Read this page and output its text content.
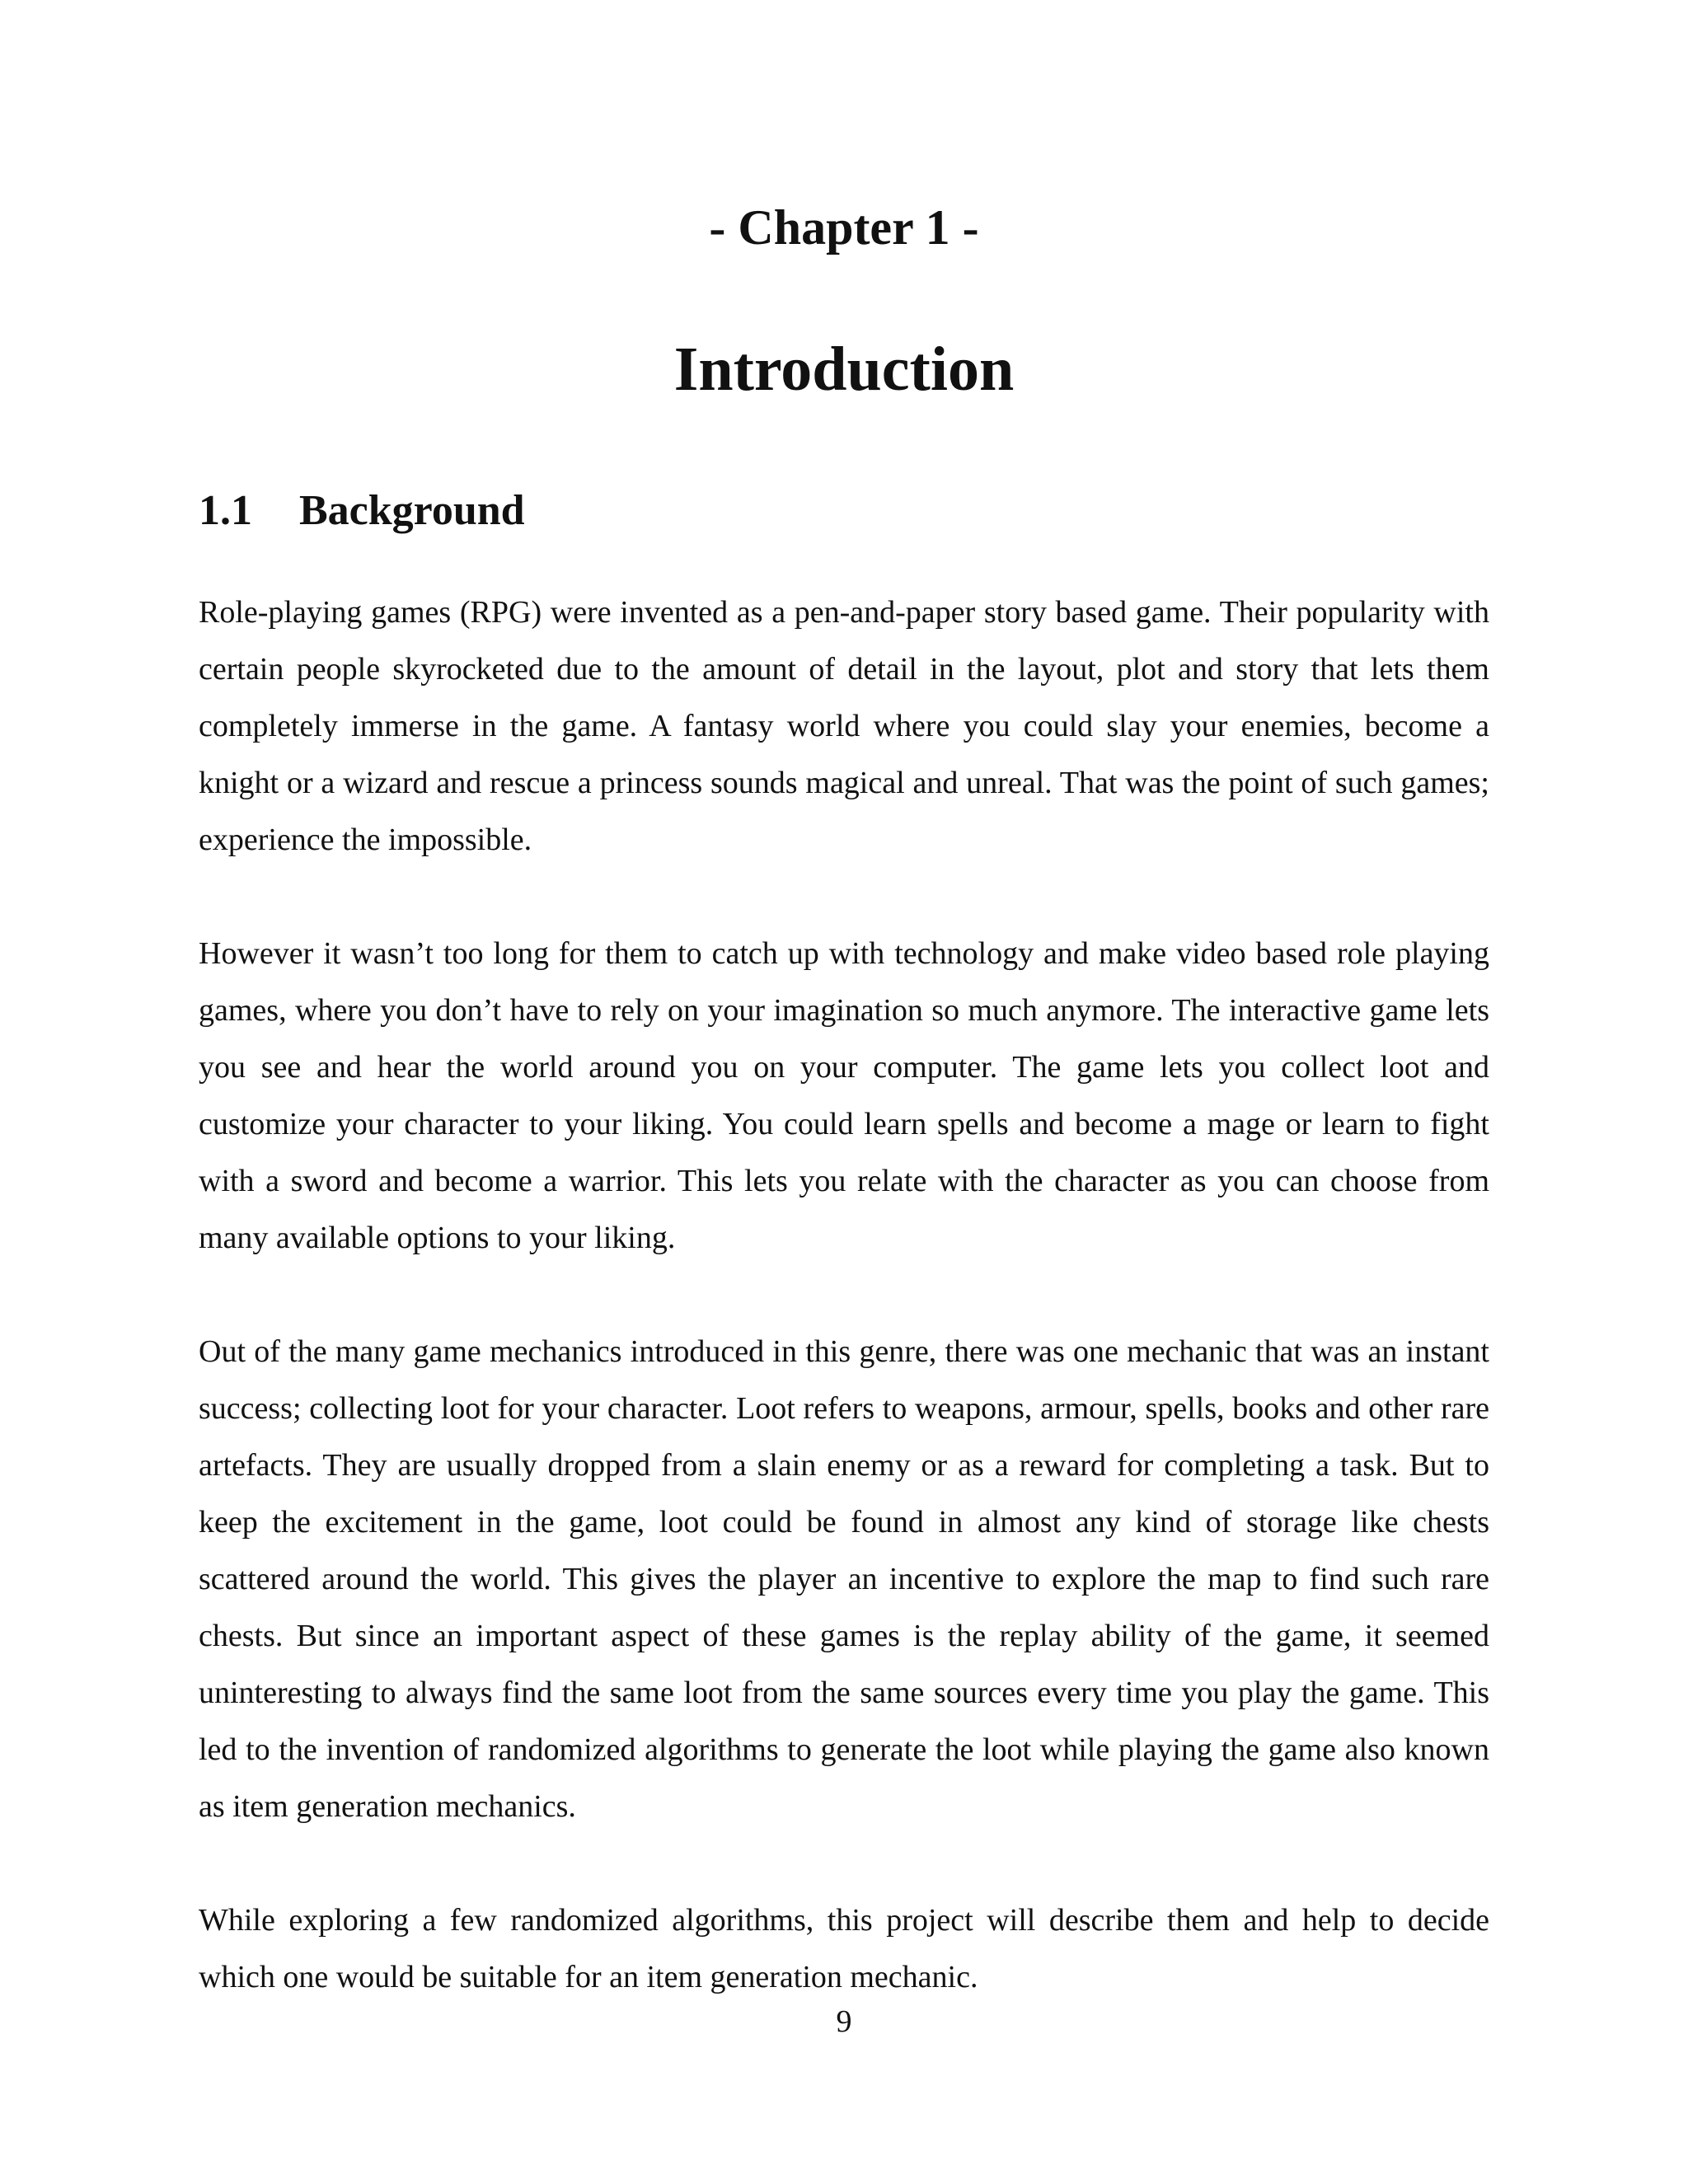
- Chapter 1 -
Introduction
1.1 Background

Role-playing games (RPG) were invented as a pen-and-paper story based game. Their popularity with certain people skyrocketed due to the amount of detail in the layout, plot and story that lets them completely immerse in the game. A fantasy world where you could slay your enemies, become a knight or a wizard and rescue a princess sounds magical and unreal. That was the point of such games; experience the impossible.

However it wasn’t too long for them to catch up with technology and make video based role playing games, where you don’t have to rely on your imagination so much anymore. The interactive game lets you see and hear the world around you on your computer. The game lets you collect loot and customize your character to your liking. You could learn spells and become a mage or learn to fight with a sword and become a warrior. This lets you relate with the character as you can choose from many available options to your liking.

Out of the many game mechanics introduced in this genre, there was one mechanic that was an instant success; collecting loot for your character. Loot refers to weapons, armour, spells, books and other rare artefacts. They are usually dropped from a slain enemy or as a reward for completing a task. But to keep the excitement in the game, loot could be found in almost any kind of storage like chests scattered around the world. This gives the player an incentive to explore the map to find such rare chests. But since an important aspect of these games is the replay ability of the game, it seemed uninteresting to always find the same loot from the same sources every time you play the game. This led to the invention of randomized algorithms to generate the loot while playing the game also known as item generation mechanics.

While exploring a few randomized algorithms, this project will describe them and help to decide which one would be suitable for an item generation mechanic.

9
